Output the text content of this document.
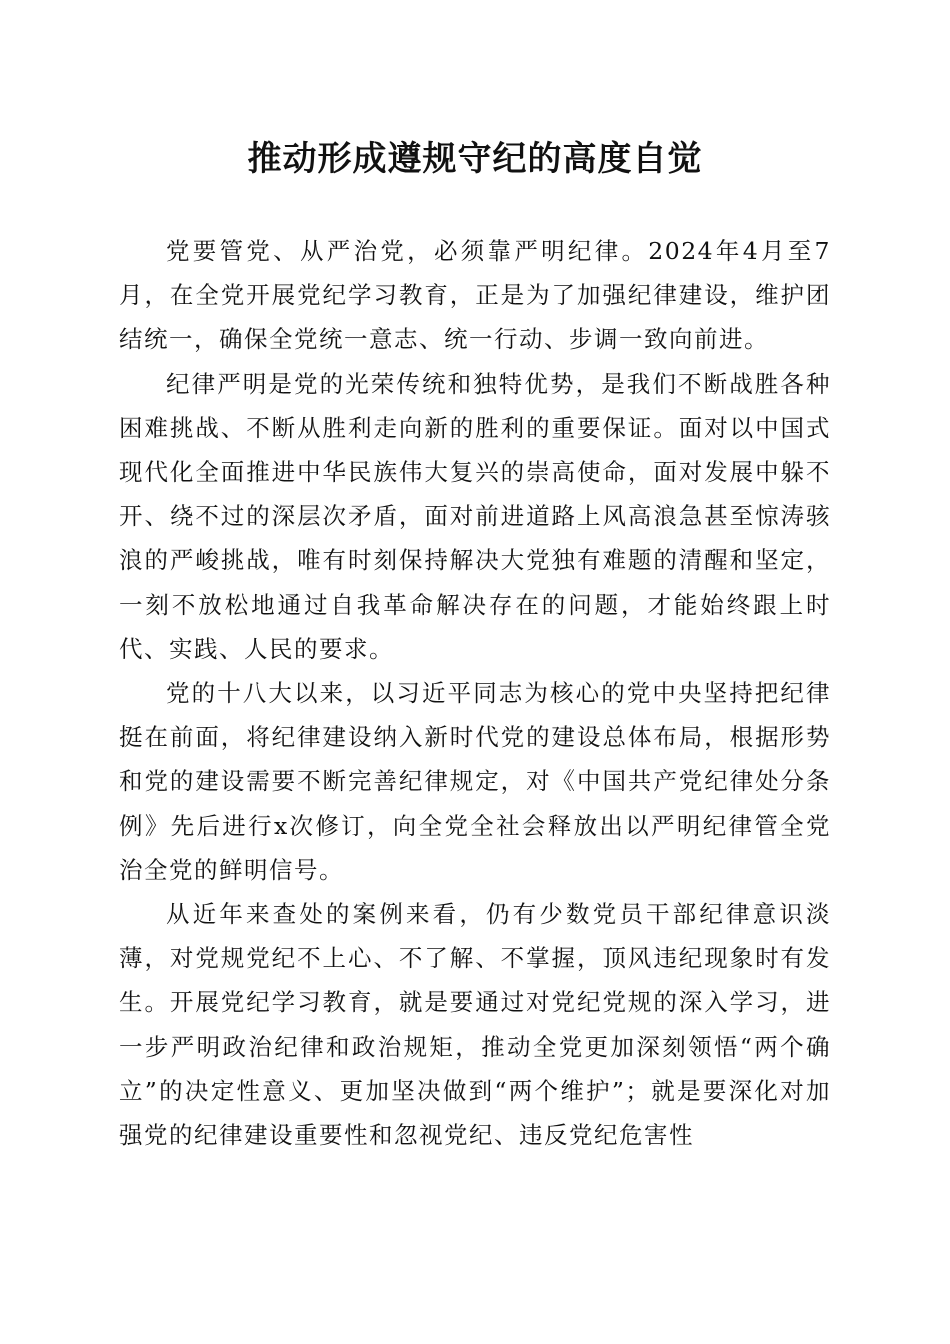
推动形成遵规守纪的高度自觉

党要管党、从严治党，必须靠严明纪律。2024年4月至7月，在全党开展党纪学习教育，正是为了加强纪律建设，维护团结统一，确保全党统一意志、统一行动、步调一致向前进。

纪律严明是党的光荣传统和独特优势，是我们不断战胜各种困难挑战、不断从胜利走向新的胜利的重要保证。面对以中国式现代化全面推进中华民族伟大复兴的崇高使命，面对发展中躲不开、绕不过的深层次矛盾，面对前进道路上风高浪急甚至惊涛骇浪的严峻挑战，唯有时刻保持解决大党独有难题的清醒和坚定，一刻不放松地通过自我革命解决存在的问题，才能始终跟上时代、实践、人民的要求。

党的十八大以来，以习近平同志为核心的党中央坚持把纪律挺在前面，将纪律建设纳入新时代党的建设总体布局，根据形势和党的建设需要不断完善纪律规定，对《中国共产党纪律处分条例》先后进行x次修订，向全党全社会释放出以严明纪律管全党治全党的鲜明信号。

从近年来查处的案例来看，仍有少数党员干部纪律意识淡薄，对党规党纪不上心、不了解、不掌握，顶风违纪现象时有发生。开展党纪学习教育，就是要通过对党纪党规的深入学习，进一步严明政治纪律和政治规矩，推动全党更加深刻领悟“两个确立”的决定性意义、更加坚决做到“两个维护”；就是要深化对加强党的纪律建设重要性和忽视党纪、违反党纪危害性
